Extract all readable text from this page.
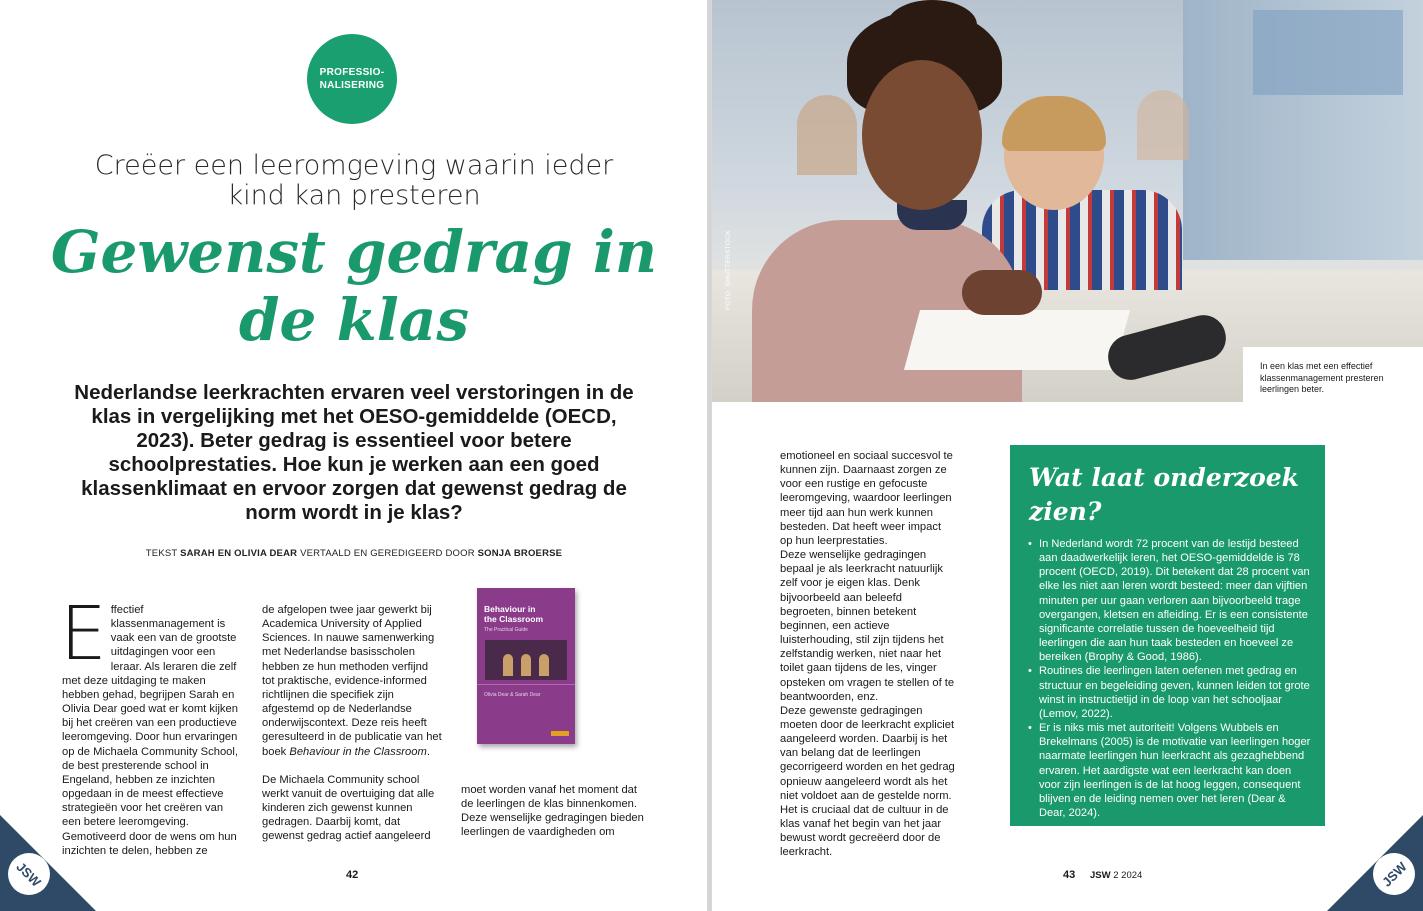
PROFESSIO-
NALISERING
Creëer een leeromgeving waarin ieder kind kan presteren
Gewenst gedrag in de klas
Nederlandse leerkrachten ervaren veel verstoringen in de klas in vergelijking met het OESO-gemiddelde (OECD, 2023). Beter gedrag is essentieel voor betere schoolprestaties. Hoe kun je werken aan een goed klassenklimaat en ervoor zorgen dat gewenst gedrag de norm wordt in je klas?
TEKST SARAH EN OLIVIA DEAR VERTAALD EN GEREDIGEERD DOOR SONJA BROERSE

Effectief klassenmanagement is vaak een van de grootste uitdagingen voor een leraar. Als leraren die zelf met deze uitdaging te maken hebben gehad, begrijpen Sarah en Olivia Dear goed wat er komt kijken bij het creëren van een productieve leeromgeving. Door hun ervaringen op de Michaela Community School, de best presterende school in Engeland, hebben ze inzichten opgedaan in de meest effectieve strategieën voor het creëren van een betere leeromgeving. Gemotiveerd door de wens om hun inzichten te delen, hebben ze

de afgelopen twee jaar gewerkt bij Academica University of Applied Sciences. In nauwe samenwerking met Nederlandse basisscholen hebben ze hun methoden verfijnd tot praktische, evidence-informed richtlijnen die specifiek zijn afgestemd op de Nederlandse onderwijscontext. Deze reis heeft geresulteerd in de publicatie van het boek Behaviour in the Classroom.

De Michaela Community school werkt vanuit de overtuiging dat alle kinderen zich gewenst kunnen gedragen. Daarbij komt, dat gewenst gedrag actief aangeleerd

Behaviour in
the Classroom
The Practical Guide
Olivia Dear & Sarah Dear

moet worden vanaf het moment dat de leerlingen de klas binnenkomen. Deze wenselijke gedragingen bieden leerlingen de vaardigheden om

JSW	42
FOTO: SHUTTERSTOCK
In een klas met een effectief klassenmanagement presteren leerlingen beter.

emotioneel en sociaal succesvol te kunnen zijn. Daarnaast zorgen ze voor een rustige en gefocuste leeromgeving, waardoor leerlingen meer tijd aan hun werk kunnen besteden. Dat heeft weer impact op hun leerprestaties.

Deze wenselijke gedragingen bepaal je als leerkracht natuurlijk zelf voor je eigen klas. Denk bijvoorbeeld aan beleefd begroeten, binnen betekent beginnen, een actieve luisterhouding, stil zijn tijdens het zelfstandig werken, niet naar het toilet gaan tijdens de les, vinger opsteken om vragen te stellen of te beantwoorden, enz.

Deze gewenste gedragingen moeten door de leerkracht expliciet aangeleerd worden. Daarbij is het van belang dat de leerlingen gecorrigeerd worden en het gedrag opnieuw aangeleerd wordt als het niet voldoet aan de gestelde norm. Het is cruciaal dat de cultuur in de klas vanaf het begin van het jaar bewust wordt gecreëerd door de leerkracht.

Wat laat onderzoek zien?
• In Nederland wordt 72 procent van de lestijd besteed aan daadwerkelijk leren, het OESO-gemiddelde is 78 procent (OECD, 2019). Dit betekent dat 28 procent van elke les niet aan leren wordt besteed: meer dan vijftien minuten per uur gaan verloren aan bijvoorbeeld trage overgangen, kletsen en afleiding. Er is een consistente significante correlatie tussen de hoeveelheid tijd leerlingen die aan hun taak besteden en hoeveel ze bereiken (Brophy & Good, 1986).
• Routines die leerlingen laten oefenen met gedrag en structuur en begeleiding geven, kunnen leiden tot grote winst in instructietijd in de loop van het schooljaar (Lemov, 2022).
• Er is niks mis met autoriteit! Volgens Wubbels en Brekelmans (2005) is de motivatie van leerlingen hoger naarmate leerlingen hun leerkracht als gezaghebbend ervaren. Het aardigste wat een leerkracht kan doen voor zijn leerlingen is de lat hoog leggen, consequent blijven en de leiding nemen over het leren (Dear & Dear, 2024).
43 JSW 2 2024	JSW
